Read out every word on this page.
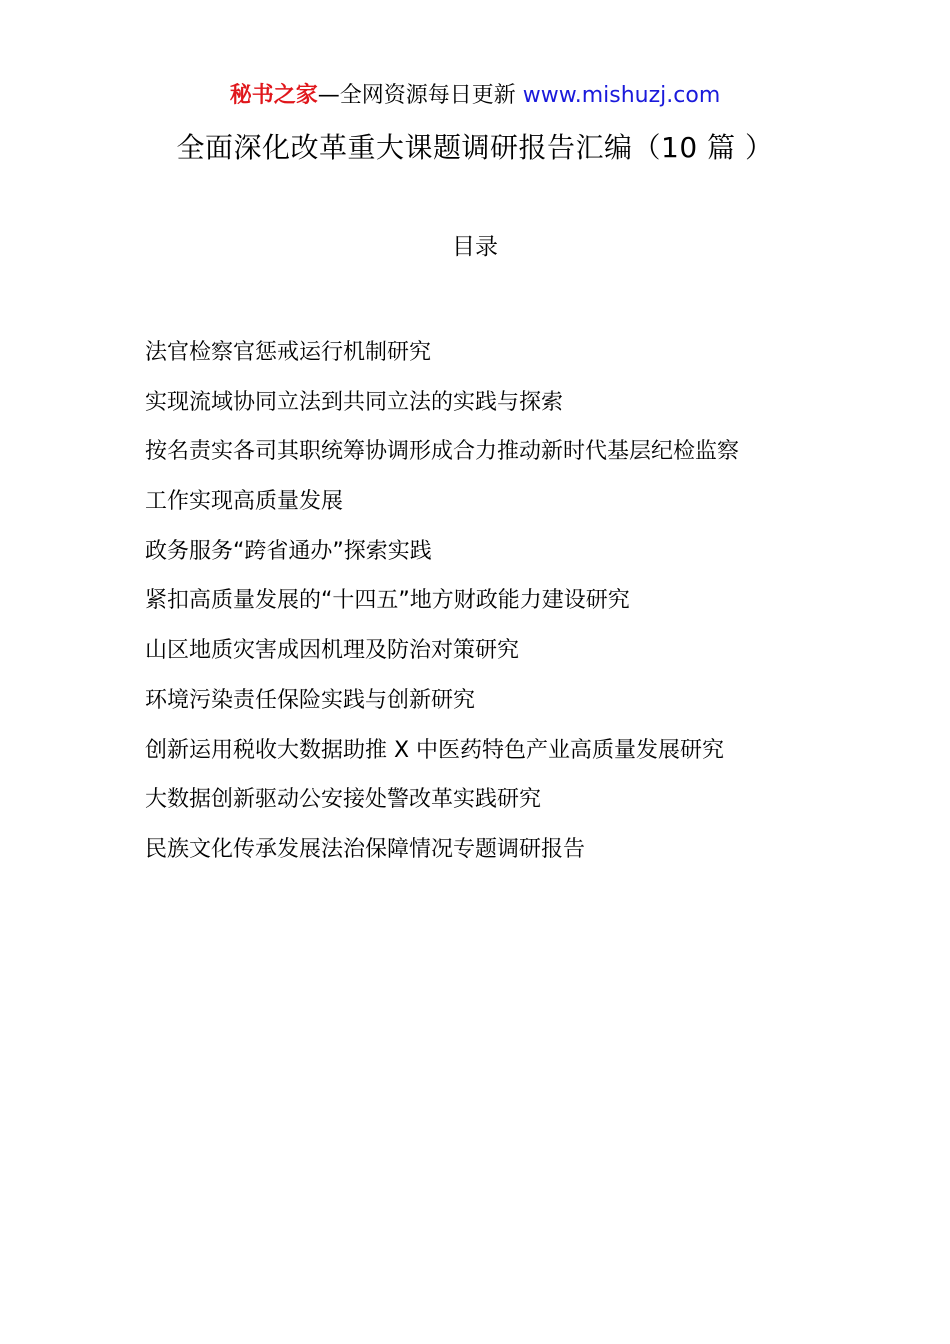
秘书之家—全网资源每日更新 www.mishuzj.com
全面深化改革重大课题调研报告汇编（10 篇 ）
目录
法官检察官惩戒运行机制研究
实现流域协同立法到共同立法的实践与探索
按名责实各司其职统筹协调形成合力推动新时代基层纪检监察
工作实现高质量发展
政务服务“跨省通办”探索实践
紧扣高质量发展的“十四五”地方财政能力建设研究
山区地质灾害成因机理及防治对策研究
环境污染责任保险实践与创新研究
创新运用税收大数据助推 X 中医药特色产业高质量发展研究
大数据创新驱动公安接处警改革实践研究
民族文化传承发展法治保障情况专题调研报告
